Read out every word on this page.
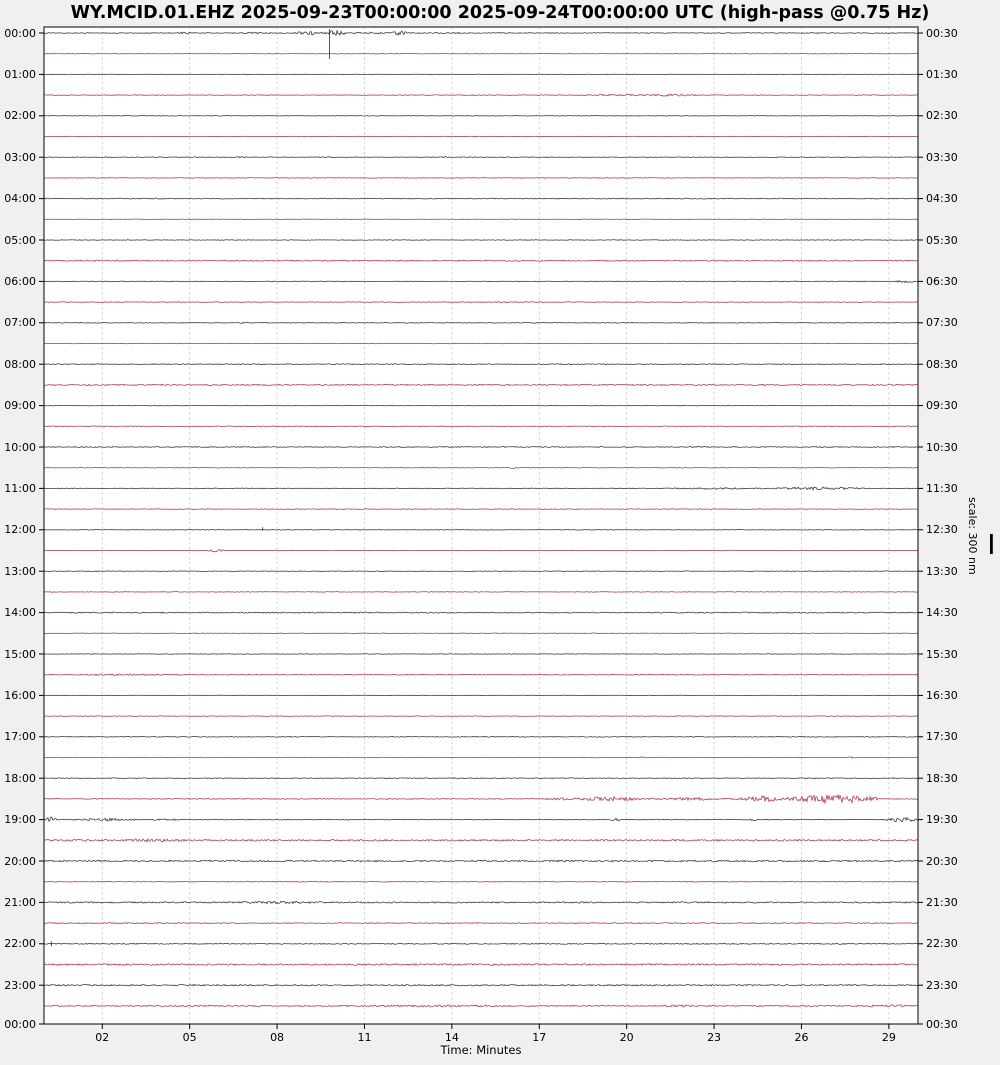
WY.MCID.01.EHZ 2025-09-23T00:00:00 2025-09-24T00:00:00 UTC (high-pass @0.75 Hz)
00:00
01:00
02:00
03:00
04:00
05:00
06:00
07:00
08:00
09:00
10:00
11:00
12:00
13:00
14:00
15:00
16:00
17:00
18:00
19:00
20:00
21:00
22:00
23:00
00:00
00:30
01:30
02:30
03:30
04:30
05:30
06:30
07:30
08:30
09:30
10:30
11:30
12:30
13:30
14:30
15:30
16:30
17:30
18:30
19:30
20:30
21:30
22:30
23:30
00:30
02	05	08	11	14	17	20	23	26	29
Time: Minutes
scale: 300 nm
